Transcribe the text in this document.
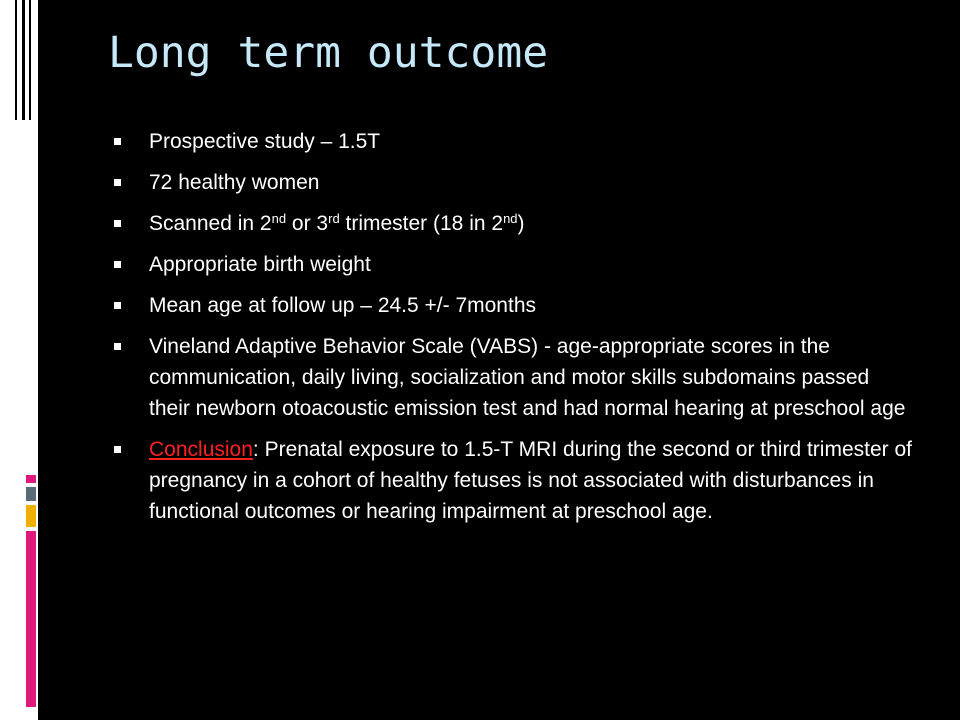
Long term outcome
Prospective study – 1.5T
72 healthy women
Scanned in 2nd or 3rd trimester (18 in 2nd)
Appropriate birth weight
Mean age at follow up – 24.5 +/- 7months
Vineland Adaptive Behavior Scale (VABS) - age-appropriate scores in the communication, daily living, socialization and motor skills subdomains passed their newborn otoacoustic emission test and had normal hearing at preschool age
Conclusion: Prenatal exposure to 1.5-T MRI during the second or third trimester of pregnancy in a cohort of healthy fetuses is not associated with disturbances in functional outcomes or hearing impairment at preschool age.
